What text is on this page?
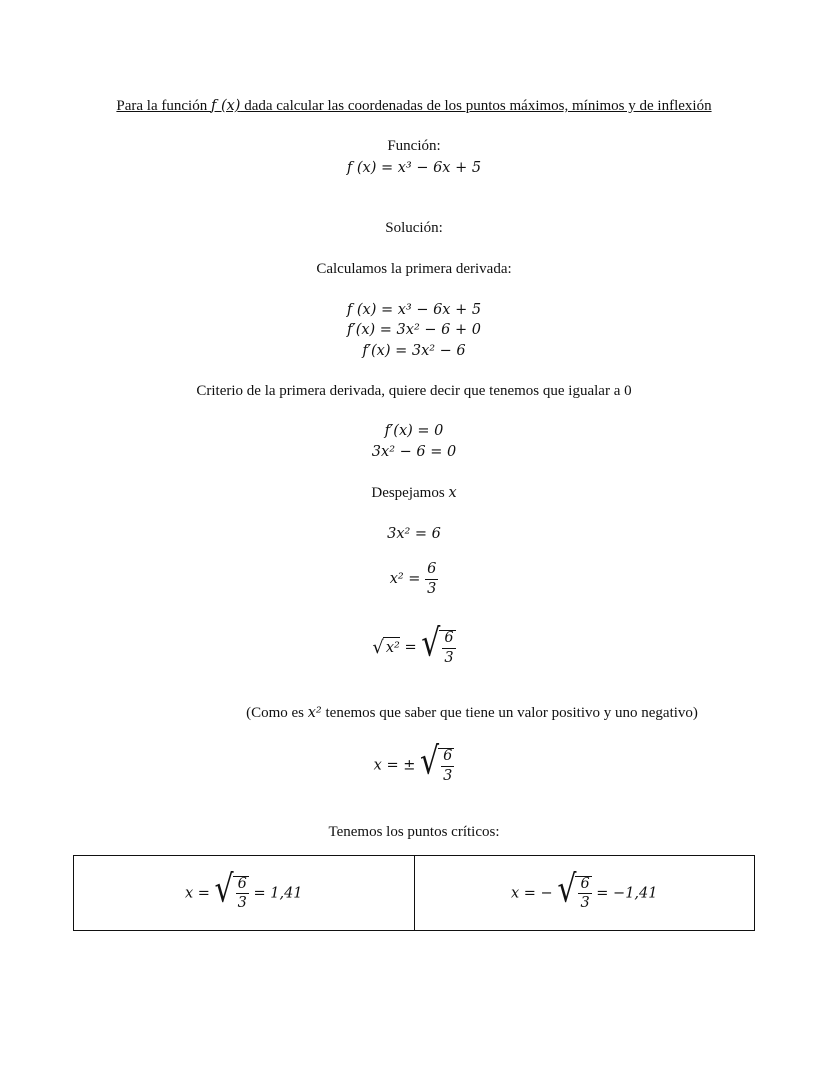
Para la función f (x) dada calcular las coordenadas de los puntos máximos, mínimos y de inflexión
Función:
f (x) = x³ − 6x + 5
Solución:
Calculamos la primera derivada:
f (x) = x³ − 6x + 5
f′(x) = 3x² − 6 + 0
f′(x) = 3x² − 6
Criterio de la primera derivada, quiere decir que tenemos que igualar a 0
f′(x) = 0
3x² − 6 = 0
Despejamos x
3x² = 6
$x^2 = \frac{6}{3}$
√ x² = √ $\frac{6}{3}$
(Como es x² tenemos que saber que tiene un valor positivo y uno negativo)
x = ± √ $\frac{6}{3}$
Tenemos los puntos críticos:
x = √ $\frac{6}{3} = 1,41$	x = − √ $\frac{6}{3} = -1,41$
